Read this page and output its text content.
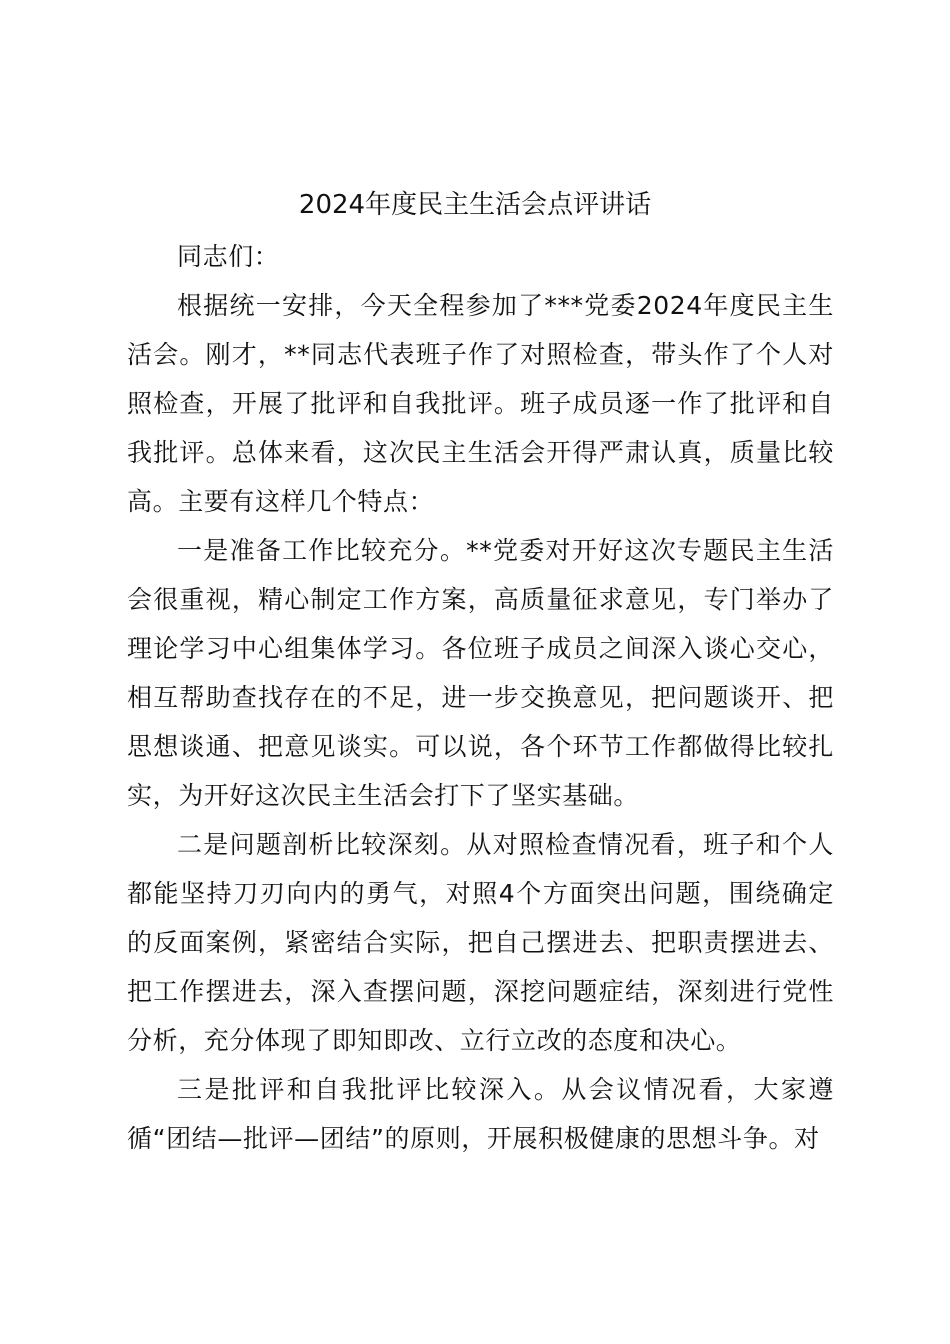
2024年度民主生活会点评讲话

同志们：

根据统一安排，今天全程参加了***党委2024年度民主生活会。刚才，**同志代表班子作了对照检查，带头作了个人对照检查，开展了批评和自我批评。班子成员逐一作了批评和自我批评。总体来看，这次民主生活会开得严肃认真，质量比较高。主要有这样几个特点：

一是准备工作比较充分。**党委对开好这次专题民主生活会很重视，精心制定工作方案，高质量征求意见，专门举办了理论学习中心组集体学习。各位班子成员之间深入谈心交心，相互帮助查找存在的不足，进一步交换意见，把问题谈开、把思想谈通、把意见谈实。可以说，各个环节工作都做得比较扎实，为开好这次民主生活会打下了坚实基础。

二是问题剖析比较深刻。从对照检查情况看，班子和个人都能坚持刀刃向内的勇气，对照4个方面突出问题，围绕确定的反面案例，紧密结合实际，把自己摆进去、把职责摆进去、把工作摆进去，深入查摆问题，深挖问题症结，深刻进行党性分析，充分体现了即知即改、立行立改的态度和决心。

三是批评和自我批评比较深入。从会议情况看，大家遵循“团结—批评—团结”的原则，开展积极健康的思想斗争。对
